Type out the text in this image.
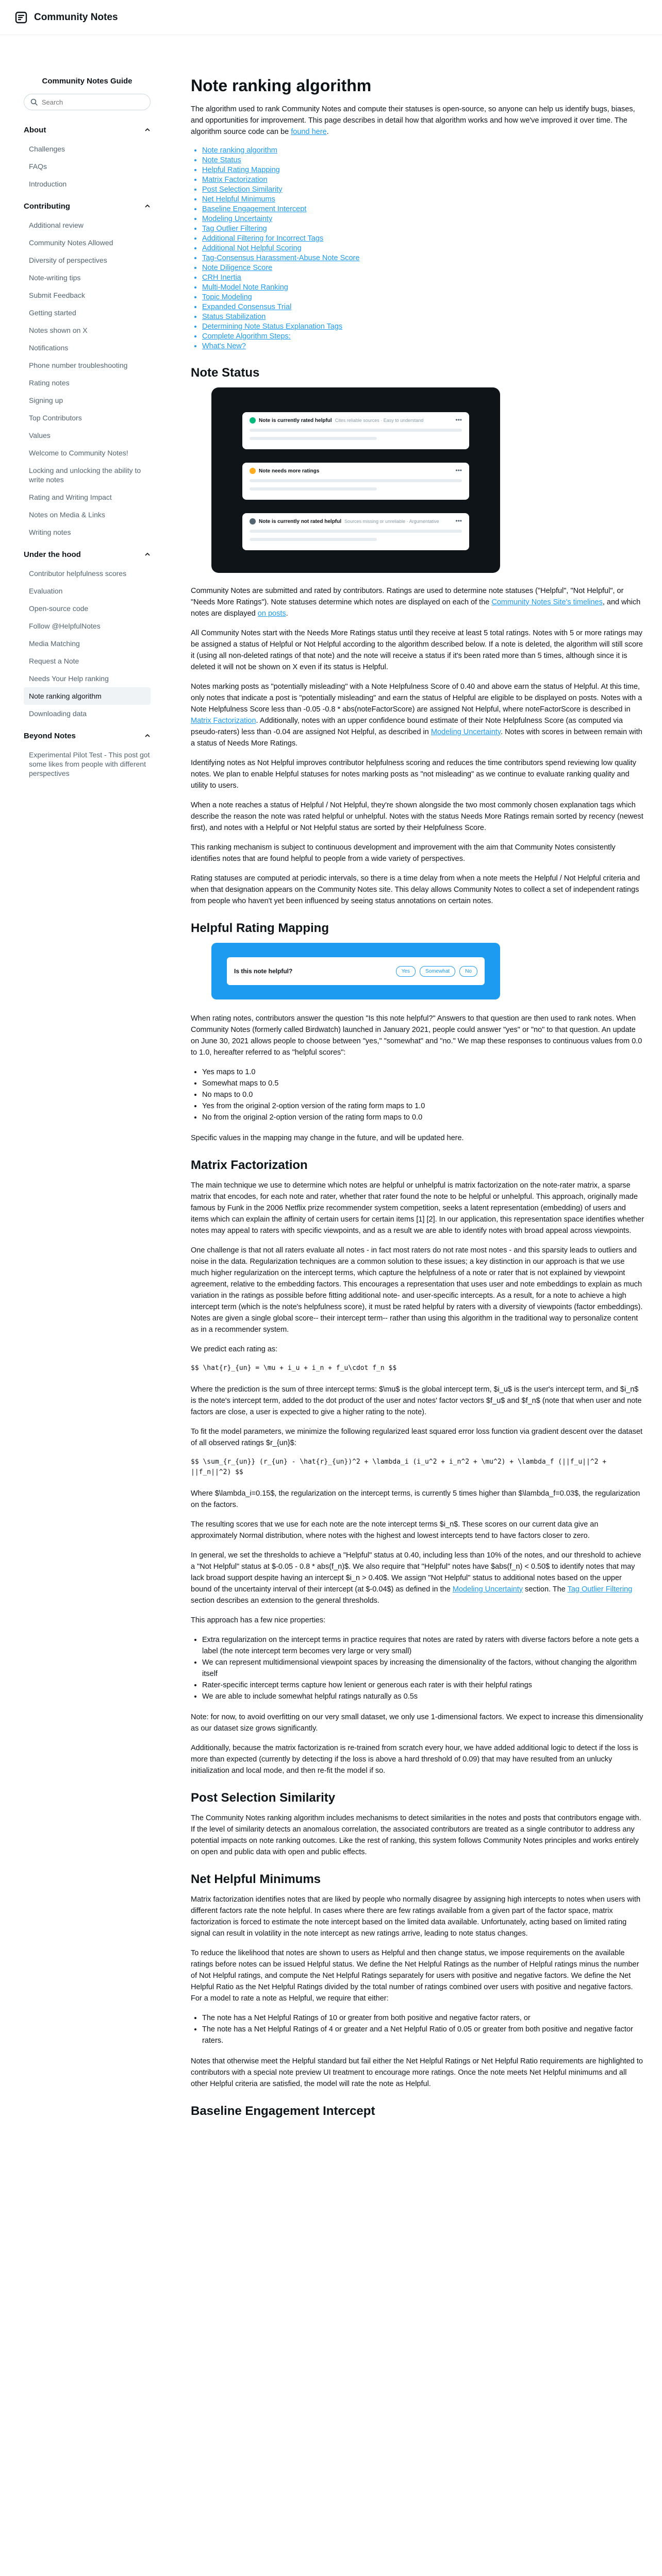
Community Notes
Community Notes Guide
Search
About
Challenges
FAQs
Introduction
Contributing
Additional review
Community Notes Allowed
Diversity of perspectives
Note-writing tips
Submit Feedback
Getting started
Notes shown on X
Notifications
Phone number troubleshooting
Rating notes
Signing up
Top Contributors
Values
Welcome to Community Notes!
Locking and unlocking the ability to write notes
Rating and Writing Impact
Notes on Media & Links
Writing notes
Under the hood
Contributor helpfulness scores
Evaluation
Open-source code
Follow @HelpfulNotes
Media Matching
Request a Note
Needs Your Help ranking
Note ranking algorithm
Downloading data
Beyond Notes
Experimental Pilot Test - This post got some likes from people with different perspectives
Note ranking algorithm

The algorithm used to rank Community Notes and compute their statuses is open-source, so anyone can help us identify bugs, biases, and opportunities for improvement. This page describes in detail how that algorithm works and how we've improved it over time. The algorithm source code can be found here.

• Note ranking algorithm
• Note Status
• Helpful Rating Mapping
• Matrix Factorization
• Post Selection Similarity
• Net Helpful Minimums
• Baseline Engagement Intercept
• Modeling Uncertainty
• Tag Outlier Filtering
• Additional Filtering for Incorrect Tags
• Additional Not Helpful Scoring
• Tag-Consensus Harassment-Abuse Note Score
• Note Diligence Score
• CRH Inertia
• Multi-Model Note Ranking
• Topic Modeling
• Expanded Consensus Trial
• Status Stabilization
• Determining Note Status Explanation Tags
• Complete Algorithm Steps:
• What's New?
Note Status
Note is currently rated helpful Cites reliable sources · Easy to understand	•••
Note needs more ratings	•••
Note is currently not rated helpful Sources missing or unreliable · Argumentative	•••

Community Notes are submitted and rated by contributors. Ratings are used to determine note statuses ("Helpful", "Not Helpful", or "Needs More Ratings"). Note statuses determine which notes are displayed on each of the Community Notes Site's timelines, and which notes are displayed on posts.

All Community Notes start with the Needs More Ratings status until they receive at least 5 total ratings. Notes with 5 or more ratings may be assigned a status of Helpful or Not Helpful according to the algorithm described below. If a note is deleted, the algorithm will still score it (using all non-deleted ratings of that note) and the note will receive a status if it's been rated more than 5 times, although since it is deleted it will not be shown on X even if its status is Helpful.

Notes marking posts as "potentially misleading" with a Note Helpfulness Score of 0.40 and above earn the status of Helpful. At this time, only notes that indicate a post is "potentially misleading" and earn the status of Helpful are eligible to be displayed on posts. Notes with a Note Helpfulness Score less than -0.05 -0.8 * abs(noteFactorScore) are assigned Not Helpful, where noteFactorScore is described in Matrix Factorization. Additionally, notes with an upper confidence bound estimate of their Note Helpfulness Score (as computed via pseudo-raters) less than -0.04 are assigned Not Helpful, as described in Modeling Uncertainty. Notes with scores in between remain with a status of Needs More Ratings.

Identifying notes as Not Helpful improves contributor helpfulness scoring and reduces the time contributors spend reviewing low quality notes. We plan to enable Helpful statuses for notes marking posts as "not misleading" as we continue to evaluate ranking quality and utility to users.

When a note reaches a status of Helpful / Not Helpful, they're shown alongside the two most commonly chosen explanation tags which describe the reason the note was rated helpful or unhelpful. Notes with the status Needs More Ratings remain sorted by recency (newest first), and notes with a Helpful or Not Helpful status are sorted by their Helpfulness Score.

This ranking mechanism is subject to continuous development and improvement with the aim that Community Notes consistently identifies notes that are found helpful to people from a wide variety of perspectives.

Rating statuses are computed at periodic intervals, so there is a time delay from when a note meets the Helpful / Not Helpful criteria and when that designation appears on the Community Notes site. This delay allows Community Notes to collect a set of independent ratings from people who haven't yet been influenced by seeing status annotations on certain notes.

Helpful Rating Mapping
Is this note helpful?	Yes	Somewhat	No

When rating notes, contributors answer the question "Is this note helpful?" Answers to that question are then used to rank notes. When Community Notes (formerly called Birdwatch) launched in January 2021, people could answer "yes" or "no" to that question. An update on June 30, 2021 allows people to choose between "yes," "somewhat" and "no." We map these responses to continuous values from 0.0 to 1.0, hereafter referred to as "helpful scores":

• Yes maps to 1.0
• Somewhat maps to 0.5
• No maps to 0.0
• Yes from the original 2-option version of the rating form maps to 1.0
• No from the original 2-option version of the rating form maps to 0.0

Specific values in the mapping may change in the future, and will be updated here.

Matrix Factorization

The main technique we use to determine which notes are helpful or unhelpful is matrix factorization on the note-rater matrix, a sparse matrix that encodes, for each note and rater, whether that rater found the note to be helpful or unhelpful. This approach, originally made famous by Funk in the 2006 Netflix prize recommender system competition, seeks a latent representation (embedding) of users and items which can explain the affinity of certain users for certain items [1] [2]. In our application, this representation space identifies whether notes may appeal to raters with specific viewpoints, and as a result we are able to identify notes with broad appeal across viewpoints.

One challenge is that not all raters evaluate all notes - in fact most raters do not rate most notes - and this sparsity leads to outliers and noise in the data. Regularization techniques are a common solution to these issues; a key distinction in our approach is that we use much higher regularization on the intercept terms, which capture the helpfulness of a note or rater that is not explained by viewpoint agreement, relative to the embedding factors. This encourages a representation that uses user and note embeddings to explain as much variation in the ratings as possible before fitting additional note- and user-specific intercepts. As a result, for a note to achieve a high intercept term (which is the note's helpfulness score), it must be rated helpful by raters with a diversity of viewpoints (factor embeddings). Notes are given a single global score-- their intercept term-- rather than using this algorithm in the traditional way to personalize content as in a recommender system.

We predict each rating as:

$$ \hat{r}_{un} = \mu + i_u + i_n + f_u\cdot f_n $$

Where the prediction is the sum of three intercept terms: $\mu$ is the global intercept term, $i_u$ is the user's intercept term, and $i_n$ is the note's intercept term, added to the dot product of the user and notes' factor vectors $f_u$ and $f_n$ (note that when user and note factors are close, a user is expected to give a higher rating to the note).

To fit the model parameters, we minimize the following regularized least squared error loss function via gradient descent over the dataset of all observed ratings $r_{un}$:

$$ \sum_{r_{un}} (r_{un} - \hat{r}_{un})^2 + \lambda_i (i_u^2 + i_n^2 + \mu^2) + \lambda_f (||f_u||^2 + ||f_n||^2) $$

Where $\lambda_i=0.15$, the regularization on the intercept terms, is currently 5 times higher than $\lambda_f=0.03$, the regularization on the factors.

The resulting scores that we use for each note are the note intercept terms $i_n$. These scores on our current data give an approximately Normal distribution, where notes with the highest and lowest intercepts tend to have factors closer to zero.

In general, we set the thresholds to achieve a "Helpful" status at 0.40, including less than 10% of the notes, and our threshold to achieve a "Not Helpful" status at $-0.05 - 0.8 * abs(f_n)$. We also require that "Helpful" notes have $abs(f_n) < 0.50$ to identify notes that may lack broad support despite having an intercept $i_n > 0.40$. We assign "Not Helpful" status to additional notes based on the upper bound of the uncertainty interval of their intercept (at $-0.04$) as defined in the Modeling Uncertainty section. The Tag Outlier Filtering section describes an extension to the general thresholds.

This approach has a few nice properties:

• Extra regularization on the intercept terms in practice requires that notes are rated by raters with diverse factors before a note gets a label (the note intercept term becomes very large or very small)
• We can represent multidimensional viewpoint spaces by increasing the dimensionality of the factors, without changing the algorithm itself
• Rater-specific intercept terms capture how lenient or generous each rater is with their helpful ratings
• We are able to include somewhat helpful ratings naturally as 0.5s

Note: for now, to avoid overfitting on our very small dataset, we only use 1-dimensional factors. We expect to increase this dimensionality as our dataset size grows significantly.

Additionally, because the matrix factorization is re-trained from scratch every hour, we have added additional logic to detect if the loss is more than expected (currently by detecting if the loss is above a hard threshold of 0.09) that may have resulted from an unlucky initialization and local mode, and then re-fit the model if so.

Post Selection Similarity

The Community Notes ranking algorithm includes mechanisms to detect similarities in the notes and posts that contributors engage with. If the level of similarity detects an anomalous correlation, the associated contributors are treated as a single contributor to address any potential impacts on note ranking outcomes. Like the rest of ranking, this system follows Community Notes principles and works entirely on open and public data with open and public effects.

Net Helpful Minimums

Matrix factorization identifies notes that are liked by people who normally disagree by assigning high intercepts to notes when users with different factors rate the note helpful. In cases where there are few ratings available from a given part of the factor space, matrix factorization is forced to estimate the note intercept based on the limited data available. Unfortunately, acting based on limited rating signal can result in volatility in the note intercept as new ratings arrive, leading to note status changes.

To reduce the likelihood that notes are shown to users as Helpful and then change status, we impose requirements on the available ratings before notes can be issued Helpful status. We define the Net Helpful Ratings as the number of Helpful ratings minus the number of Not Helpful ratings, and compute the Net Helpful Ratings separately for users with positive and negative factors. We define the Net Helpful Ratio as the Net Helpful Ratings divided by the total number of ratings combined over users with positive and negative factors. For a model to rate a note as Helpful, we require that either:

• The note has a Net Helpful Ratings of 10 or greater from both positive and negative factor raters, or
• The note has a Net Helpful Ratings of 4 or greater and a Net Helpful Ratio of 0.05 or greater from both positive and negative factor raters.

Notes that otherwise meet the Helpful standard but fail either the Net Helpful Ratings or Net Helpful Ratio requirements are highlighted to contributors with a special note preview UI treatment to encourage more ratings. Once the note meets Net Helpful minimums and all other Helpful criteria are satisfied, the model will rate the note as Helpful.

Baseline Engagement Intercept
